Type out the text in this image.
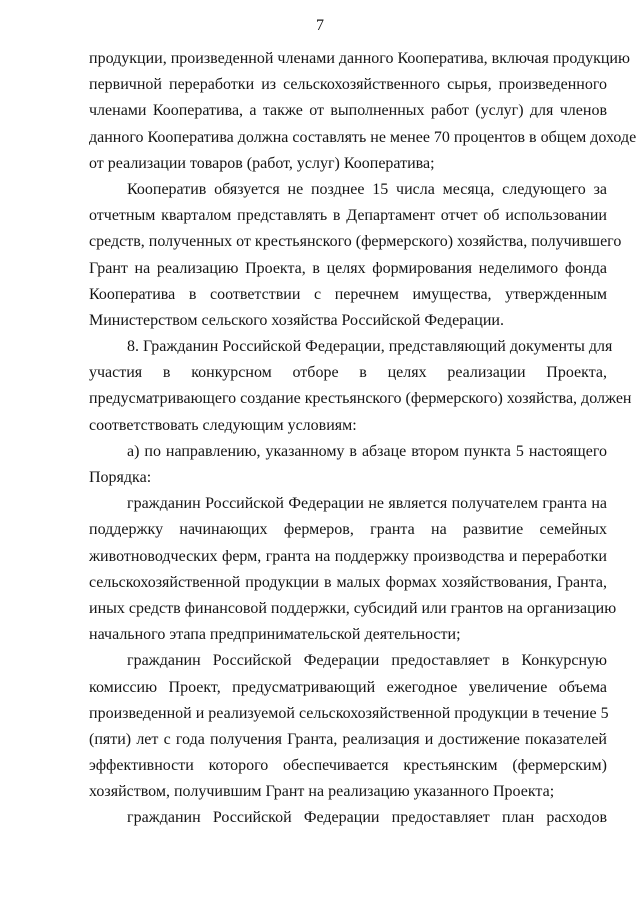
7
продукции, произведенной членами данного Кооператива, включая продукцию
первичной переработки из сельскохозяйственного сырья, произведенного
членами Кооператива, а также от выполненных работ (услуг) для членов
данного Кооператива должна составлять не менее 70 процентов в общем доходе
от реализации товаров (работ, услуг) Кооператива;
Кооператив обязуется не позднее 15 числа месяца, следующего за
отчетным кварталом представлять в Департамент отчет об использовании
средств, полученных от крестьянского (фермерского) хозяйства, получившего
Грант на реализацию Проекта, в целях формирования неделимого фонда
Кооператива в соответствии с перечнем имущества, утвержденным
Министерством сельского хозяйства Российской Федерации.
8. Гражданин Российской Федерации, представляющий документы для
участия в конкурсном отборе в целях реализации Проекта,
предусматривающего создание крестьянского (фермерского) хозяйства, должен
соответствовать следующим условиям:
а) по направлению, указанному в абзаце втором пункта 5 настоящего
Порядка:
гражданин Российской Федерации не является получателем гранта на
поддержку начинающих фермеров, гранта на развитие семейных
животноводческих ферм, гранта на поддержку производства и переработки
сельскохозяйственной продукции в малых формах хозяйствования, Гранта,
иных средств финансовой поддержки, субсидий или грантов на организацию
начального этапа предпринимательской деятельности;
гражданин Российской Федерации предоставляет в Конкурсную
комиссию Проект, предусматривающий ежегодное увеличение объема
произведенной и реализуемой сельскохозяйственной продукции в течение 5
(пяти) лет с года получения Гранта, реализация и достижение показателей
эффективности которого обеспечивается крестьянским (фермерским)
хозяйством, получившим Грант на реализацию указанного Проекта;
гражданин Российской Федерации предоставляет план расходов
